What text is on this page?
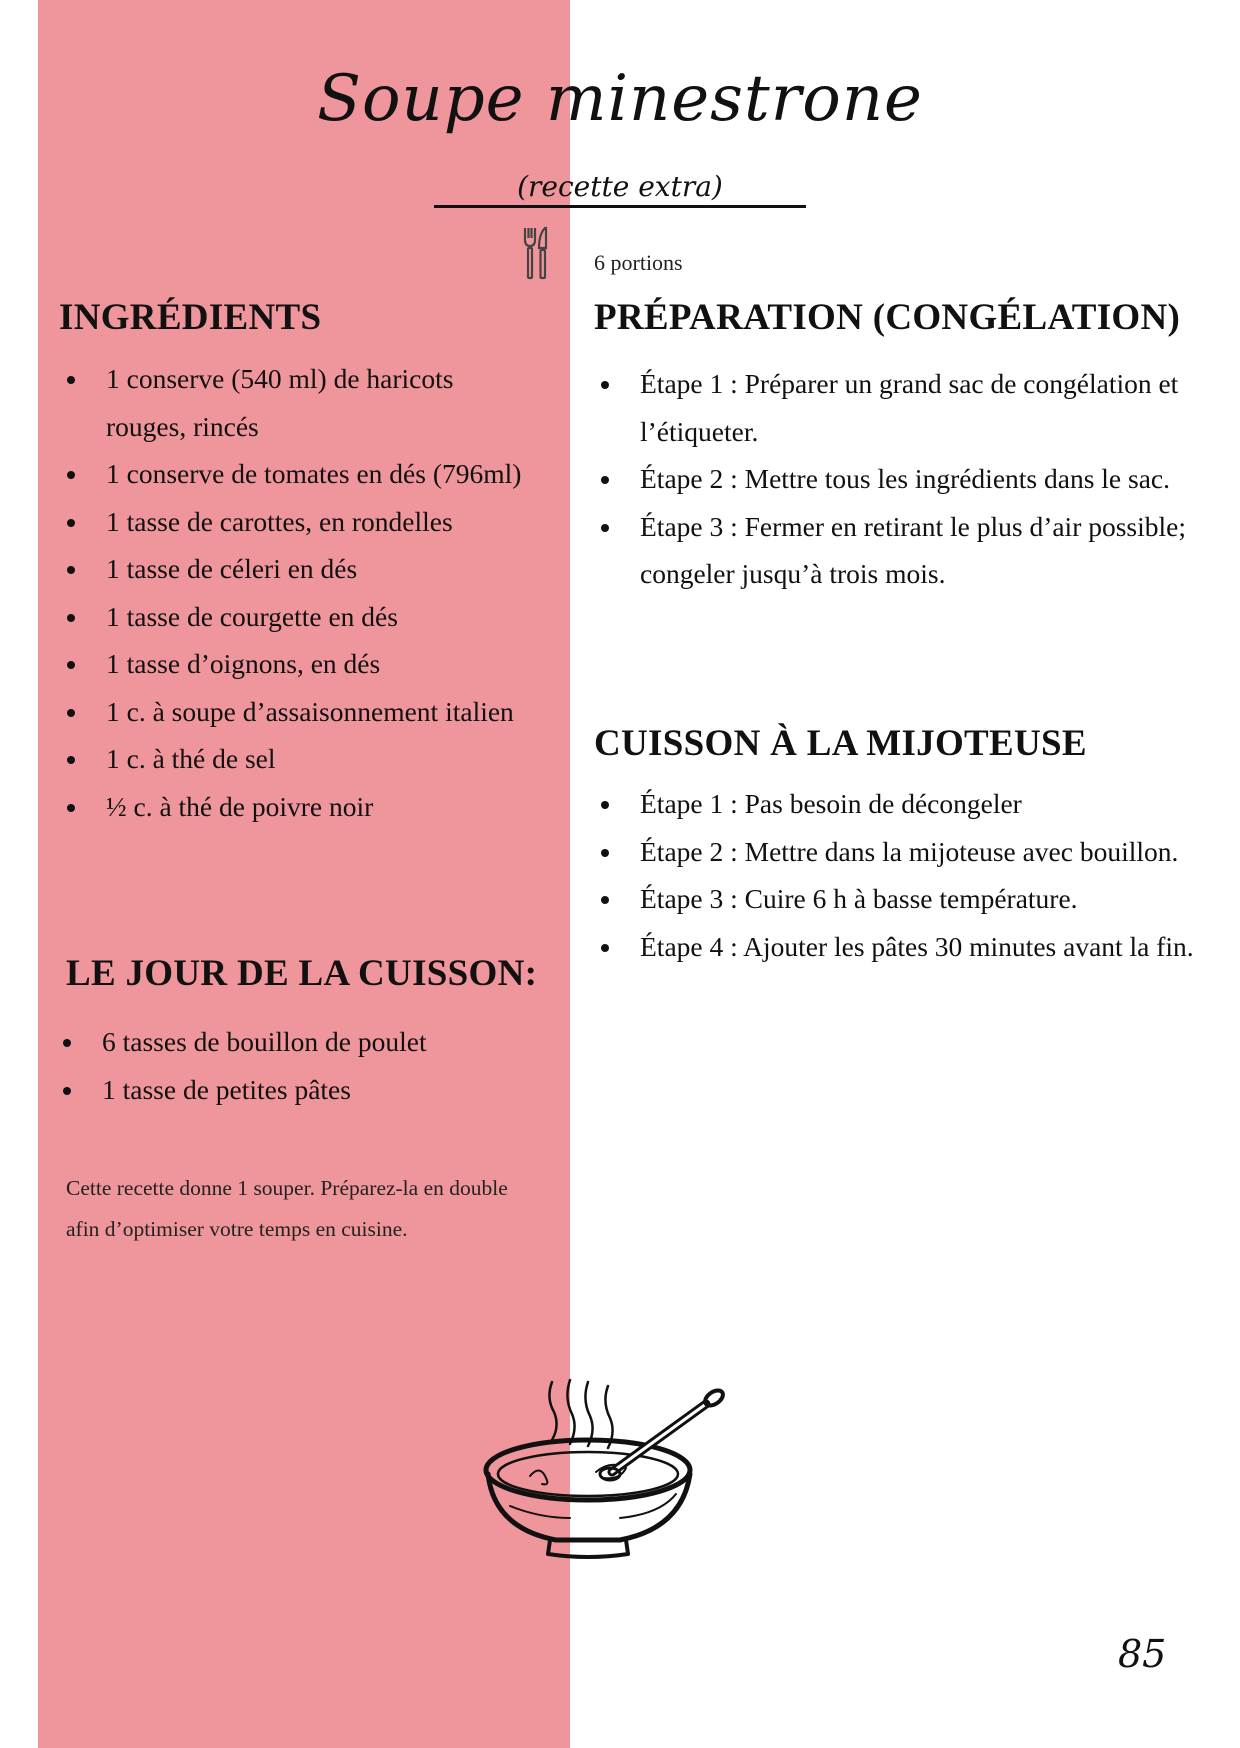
Soupe minestrone
(recette extra)
6 portions
INGRÉDIENTS
1 conserve (540 ml) de haricots rouges, rincés
1 conserve de tomates en dés (796ml)
1 tasse de carottes, en rondelles
1 tasse de céleri en dés
1 tasse de courgette en dés
1 tasse d’oignons, en dés
1 c. à soupe d’assaisonnement italien
1 c. à thé de sel
½ c. à thé de poivre noir
LE JOUR DE LA CUISSON:
6 tasses de bouillon de poulet
1 tasse de petites pâtes

Cette recette donne 1 souper. Préparez-la en double afin d’optimiser votre temps en cuisine.

PRÉPARATION (CONGÉLATION)
Étape 1 : Préparer un grand sac de congélation et l’étiqueter.
Étape 2 : Mettre tous les ingrédients dans le sac.
Étape 3 : Fermer en retirant le plus d’air possible; congeler jusqu’à trois mois.
CUISSON À LA MIJOTEUSE
Étape 1 : Pas besoin de décongeler
Étape 2 : Mettre dans la mijoteuse avec bouillon.
Étape 3 : Cuire 6 h à basse température.
Étape 4 : Ajouter les pâtes 30 minutes avant la fin.
85
